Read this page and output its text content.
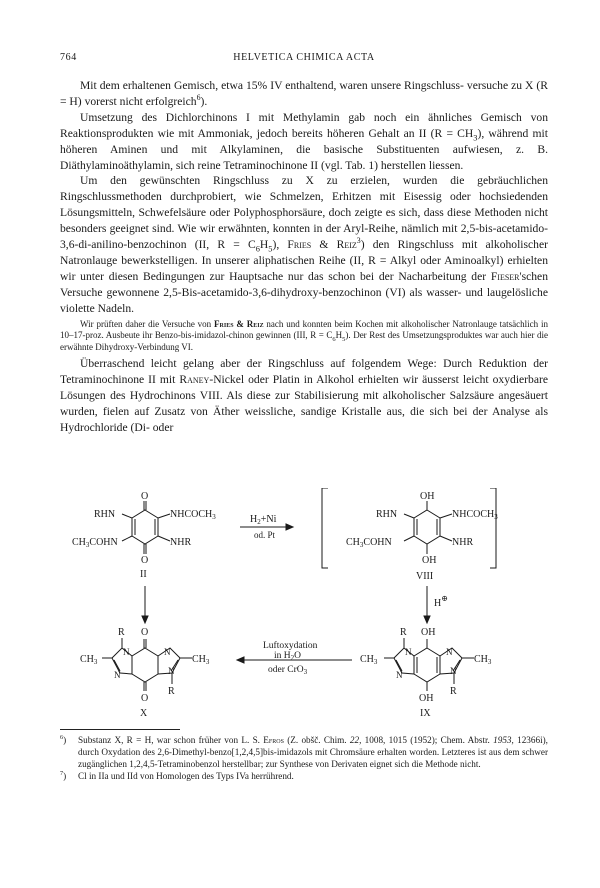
764	HELVETICA CHIMICA ACTA

Mit dem erhaltenen Gemisch, etwa 15% IV enthaltend, waren unsere Ringschluss- versuche zu X (R = H) vorerst nicht erfolgreich$^6$).

Umsetzung des Dichlorchinons I mit Methylamin gab noch ein ähnliches Gemisch von Reaktionsprodukten wie mit Ammoniak, jedoch bereits höheren Gehalt an II $(R = CH_3)$, während mit höheren Aminen und mit Alkylaminen, die basische Substituenten aufwiesen, z. B. Diäthylaminoäthylamin, sich reine Tetraminochinone II (vgl. Tab. 1) herstellen liessen.

Um den gewünschten Ringschluss zu X zu erzielen, wurden die gebräuchlichen Ringschlussmethoden durchprobiert, wie Schmelzen, Erhitzen mit Eisessig oder hochsiedenden Lösungsmitteln, Schwefelsäure oder Polyphosphorsäure, doch zeigte es sich, dass diese Methoden nicht besonders geeignet sind. Wie wir erwähnten, konnten in der Aryl-Reihe, nämlich mit 2,5-bis-acetamido-3,6-di-anilino-benzochinon (II, $R = C_6H_5$), Fries & Reiz$^3$) den Ringschluss mit alkoholischer Natronlauge bewerkstelligen. In unserer aliphatischen Reihe (II, R = Alkyl oder Aminoalkyl) erhielten wir unter diesen Bedingungen zur Hauptsache nur das schon bei der Nacharbeitung der Fieser'schen Versuche gewonnene 2,5-Bis-acetamido-3,6-dihydroxy-benzochinon (VI) als wasser- und laugelösliche violette Nadeln.

Wir prüften daher die Versuche von Fries & Reiz nach und konnten beim Kochen mit alkoholischer Natronlauge tatsächlich in 10–17-proz. Ausbeute ihr Benzo-bis-imidazol-chinon gewinnen (III, $R = C_6H_5$). Der Rest des Umsetzungsproduktes war auch hier die erwähnte Dihydroxy-Verbindung VI.

Überraschend leicht gelang aber der Ringschluss auf folgendem Wege: Durch Reduktion der Tetraminochinone II mit Raney-Nickel oder Platin in Alkohol erhielten wir äusserst leicht oxydierbare Lösungen des Hydrochinons VIII. Als diese zur Stabilisierung mit alkoholischer Salzsäure angesäuert wurden, fielen auf Zusatz von Äther weissliche, sandige Kristalle aus, die sich bei der Analyse als Hydrochloride (Di- oder

O
O
RHN	$NHCOCH_3$
$CH_3COHN$	NHR
II
$H_2+Ni$
od. Pt
OH
OH
RHN	$NHCOCH_3$
$CH_3COHN$	NHR
VIII
H⊕
R O
O
R
N
N
N
N
$CH_3$	$CH_3$
X
Luftoxydation
in $H_2O$
oder CrO$_3$
R OH
OH
R
N
N
N
N
$CH_3$	$CH_3$
IX
$^6$)	Substanz X, R = H, war schon früher von L. S. Efros (Z. obšč. Chim. 22, 1008, 1015 (1952); Chem. Abstr. 1953, 12366i), durch Oxydation des 2,6-Dimethyl-benzo[1,2,4,5]bis-imidazols mit Chromsäure erhalten worden. Letzteres ist aus dem schwer zugänglichen 1,2,4,5-Tetraminobenzol herstellbar; zur Synthese von Derivaten eignet sich die Methode nicht.
$^7$)	Cl in IIa und IId von Homologen des Typs IVa herrührend.
